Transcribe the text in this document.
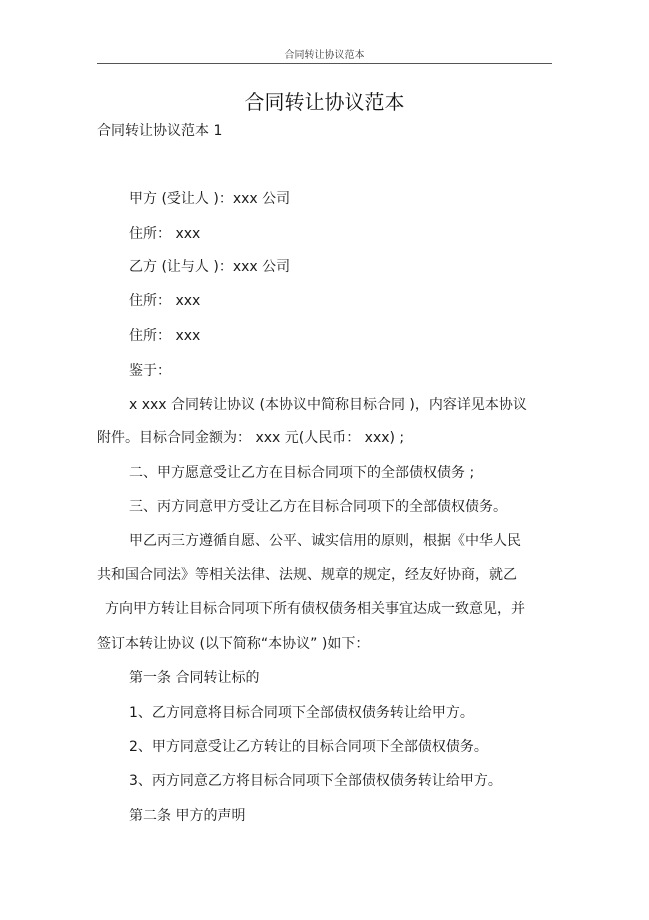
合同转让协议范本
合同转让协议范本
合同转让协议范本 1
甲方 (受让人 )：xxx 公司
住所： xxx
乙方 (让与人 )：xxx 公司
住所： xxx
住所： xxx
鉴于：
x xxx 合同转让协议 (本协议中简称目标合同 )，内容详见本协议
附件。目标合同金额为： xxx 元(人民币： xxx) ;
二、甲方愿意受让乙方在目标合同项下的全部债权债务 ;
三、丙方同意甲方受让乙方在目标合同项下的全部债权债务。
甲乙丙三方遵循自愿、公平、诚实信用的原则，根据《中华人民
共和国合同法》等相关法律、法规、规章的规定，经友好协商，就乙
方向甲方转让目标合同项下所有债权债务相关事宜达成一致意见，并
签订本转让协议 (以下简称“本协议” )如下：
第一条 合同转让标的
1、乙方同意将目标合同项下全部债权债务转让给甲方。
2、甲方同意受让乙方转让的目标合同项下全部债权债务。
3、丙方同意乙方将目标合同项下全部债权债务转让给甲方。
第二条 甲方的声明
